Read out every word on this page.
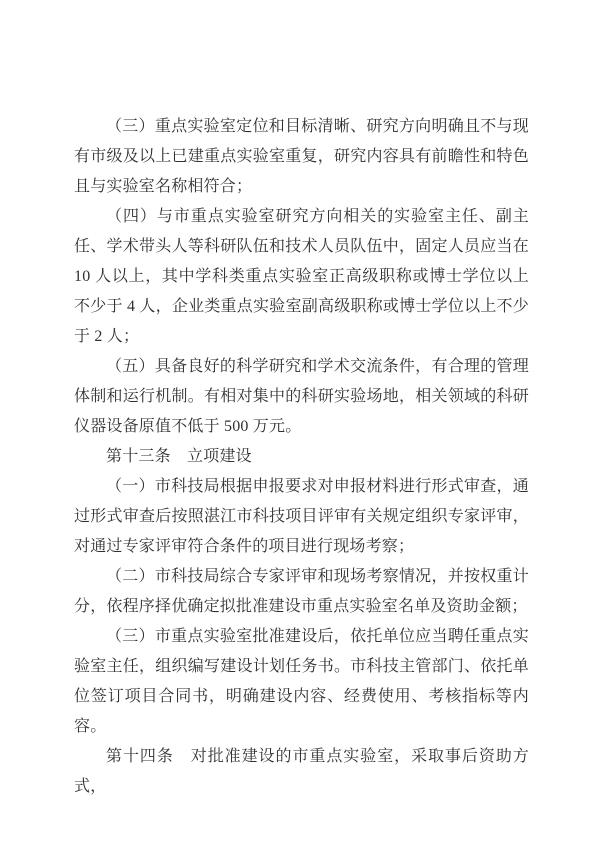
（三）重点实验室定位和目标清晰、研究方向明确且不与现有市级及以上已建重点实验室重复，研究内容具有前瞻性和特色且与实验室名称相符合；

（四）与市重点实验室研究方向相关的实验室主任、副主任、学术带头人等科研队伍和技术人员队伍中，固定人员应当在 10 人以上，其中学科类重点实验室正高级职称或博士学位以上不少于 4 人，企业类重点实验室副高级职称或博士学位以上不少于 2 人；

（五）具备良好的科学研究和学术交流条件，有合理的管理体制和运行机制。有相对集中的科研实验场地，相关领域的科研仪器设备原值不低于 500 万元。

第十三条　立项建设

（一）市科技局根据申报要求对申报材料进行形式审查，通过形式审查后按照湛江市科技项目评审有关规定组织专家评审，对通过专家评审符合条件的项目进行现场考察；

（二）市科技局综合专家评审和现场考察情况，并按权重计分，依程序择优确定拟批准建设市重点实验室名单及资助金额；

（三）市重点实验室批准建设后，依托单位应当聘任重点实验室主任，组织编写建设计划任务书。市科技主管部门、依托单位签订项目合同书，明确建设内容、经费使用、考核指标等内容。

第十四条　对批准建设的市重点实验室，采取事后资助方式，
